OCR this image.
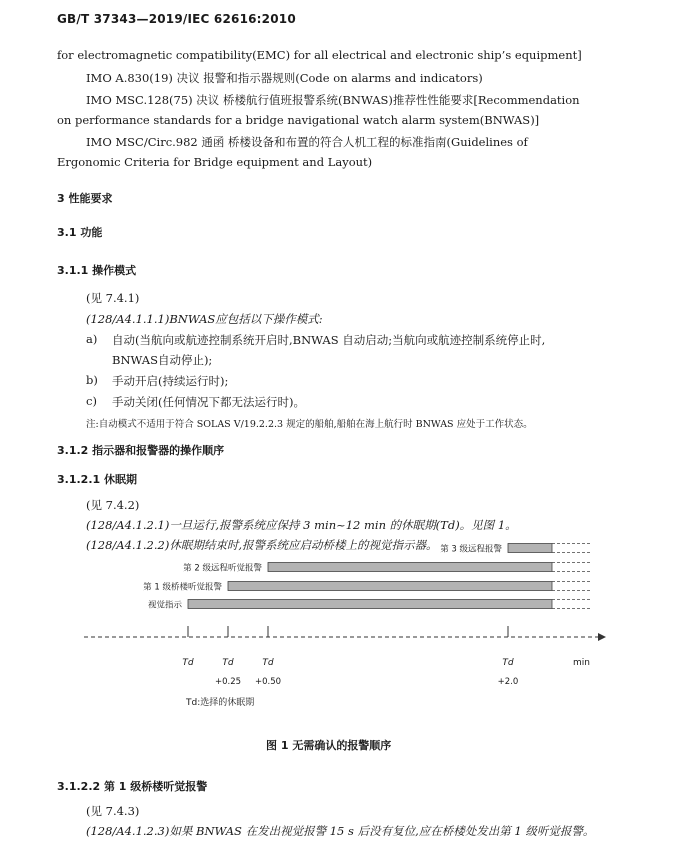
GB/T 37343—2019/IEC 62616:2010
for electromagnetic compatibility(EMC) for all electrical and electronic ship’s equipment]
IMO A.830(19) 决议 报警和指示器规则(Code on alarms and indicators)
IMO MSC.128(75) 决议 桥楼航行值班报警系统(BNWAS)推荐性性能要求[Recommendation
on performance standards for a bridge navigational watch alarm system(BNWAS)]
IMO MSC/Circ.982 通函 桥楼设备和布置的符合人机工程的标准指南(Guidelines of
Ergonomic Criteria for Bridge equipment and Layout)
3 性能要求
3.1 功能
3.1.1 操作模式
(见 7.4.1)
(128/A4.1.1.1)BNWAS应包括以下操作模式:
a) 自动(当航向或航迹控制系统开启时,BNWAS 自动启动;当航向或航迹控制系统停止时,
BNWAS自动停止);
b) 手动开启(持续运行时);
c) 手动关闭(任何情况下都无法运行时)。
注:自动模式不适用于符合 SOLAS V/19.2.2.3 规定的船舶,船舶在海上航行时 BNWAS 应处于工作状态。
3.1.2 指示器和报警器的操作顺序
3.1.2.1 休眠期
(见 7.4.2)
(128/A4.1.2.1)一旦运行,报警系统应保持 3 min~12 min 的休眠期(Td)。见图 1。
(128/A4.1.2.2)休眠期结束时,报警系统应启动桥楼上的视觉指示器。 第 3 级远程报警
第 2 级远程听觉报警
第 1 级桥楼听觉报警
视觉指示
Td	Td
+0.25
Td
+0.50
Td
+2.0
min
Td:选择的休眠期
图 1 无需确认的报警顺序
3.1.2.2 第 1 级桥楼听觉报警
(见 7.4.3)
(128/A4.1.2.3)如果 BNWAS 在发出视觉报警 15 s 后没有复位,应在桥楼处发出第 1 级听觉报警。
